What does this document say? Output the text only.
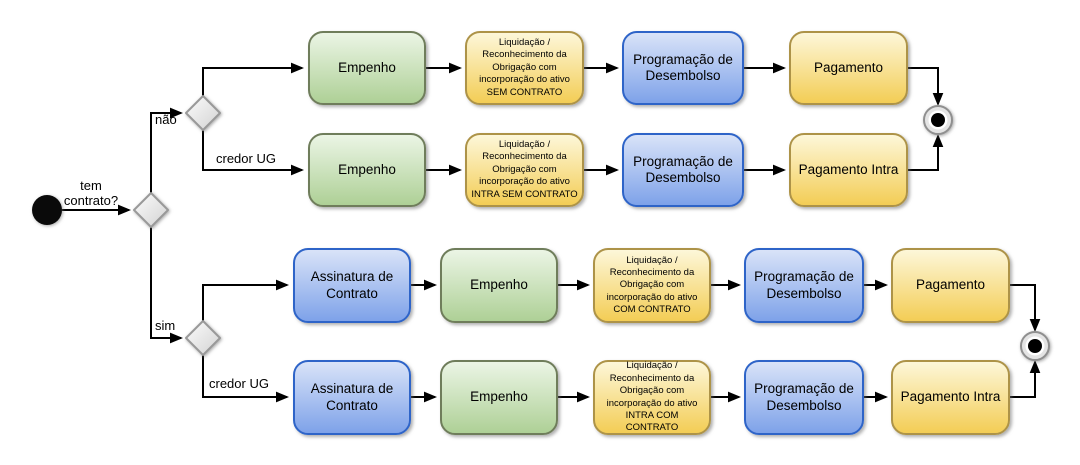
tem contrato?
não
credor UG
sim
credor UG
Empenho
Liquidação / Reconhecimento da Obrigação com incorporação do ativo SEM CONTRATO
Programação de Desembolso
Pagamento
Empenho
Liquidação / Reconhecimento da Obrigação com incorporação do ativo INTRA SEM CONTRATO
Programação de Desembolso
Pagamento Intra
Assinatura de Contrato
Empenho
Liquidação / Reconhecimento da Obrigação com incorporação do ativo COM CONTRATO
Programação de Desembolso
Pagamento
Assinatura de Contrato
Empenho
Liquidação / Reconhecimento da Obrigação com incorporação do ativo INTRA COM CONTRATO
Programação de Desembolso
Pagamento Intra
